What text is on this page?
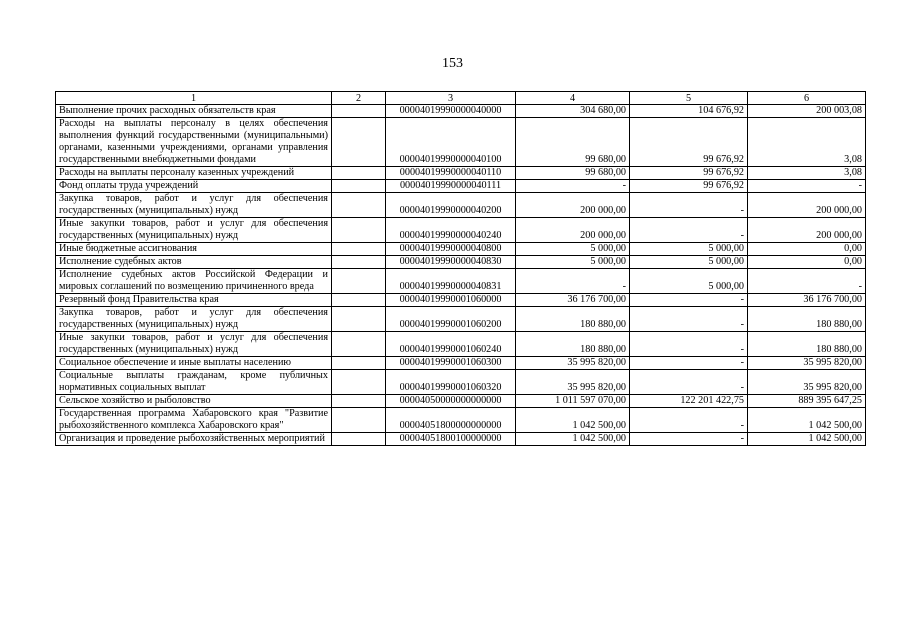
153
1	2	3	4	5	6
Выполнение прочих расходных обязательств края		00004019990000040000	304 680,00	104 676,92	200 003,08
Расходы на выплаты персоналу в целях обеспечения выполнения функций государственными (муниципальными) органами, казенными учреждениями, органами управления государственными внебюджетными фондами		00004019990000040100	99 680,00	99 676,92	3,08
Расходы на выплаты персоналу казенных учреждений		00004019990000040110	99 680,00	99 676,92	3,08
Фонд оплаты труда учреждений		00004019990000040111	-	99 676,92	-
Закупка товаров, работ и услуг для обеспечения государственных (муниципальных) нужд		00004019990000040200	200 000,00	-	200 000,00
Иные закупки товаров, работ и услуг для обеспечения государственных (муниципальных) нужд		00004019990000040240	200 000,00	-	200 000,00
Иные бюджетные ассигнования		00004019990000040800	5 000,00	5 000,00	0,00
Исполнение судебных актов		00004019990000040830	5 000,00	5 000,00	0,00
Исполнение судебных актов Российской Федерации и мировых соглашений по возмещению причиненного вреда		00004019990000040831	-	5 000,00	-
Резервный фонд Правительства края		00004019990001060000	36 176 700,00	-	36 176 700,00
Закупка товаров, работ и услуг для обеспечения государственных (муниципальных) нужд		00004019990001060200	180 880,00	-	180 880,00
Иные закупки товаров, работ и услуг для обеспечения государственных (муниципальных) нужд		00004019990001060240	180 880,00	-	180 880,00
Социальное обеспечение и иные выплаты населению		00004019990001060300	35 995 820,00	-	35 995 820,00
Социальные выплаты гражданам, кроме публичных нормативных социальных выплат		00004019990001060320	35 995 820,00	-	35 995 820,00
Сельское хозяйство и рыболовство		00004050000000000000	1 011 597 070,00	122 201 422,75	889 395 647,25
Государственная программа Хабаровского края "Развитие рыбохозяйственного комплекса Хабаровского края"		00004051800000000000	1 042 500,00	-	1 042 500,00
Организация и проведение рыбохозяйственных мероприятий		00004051800100000000	1 042 500,00	-	1 042 500,00
